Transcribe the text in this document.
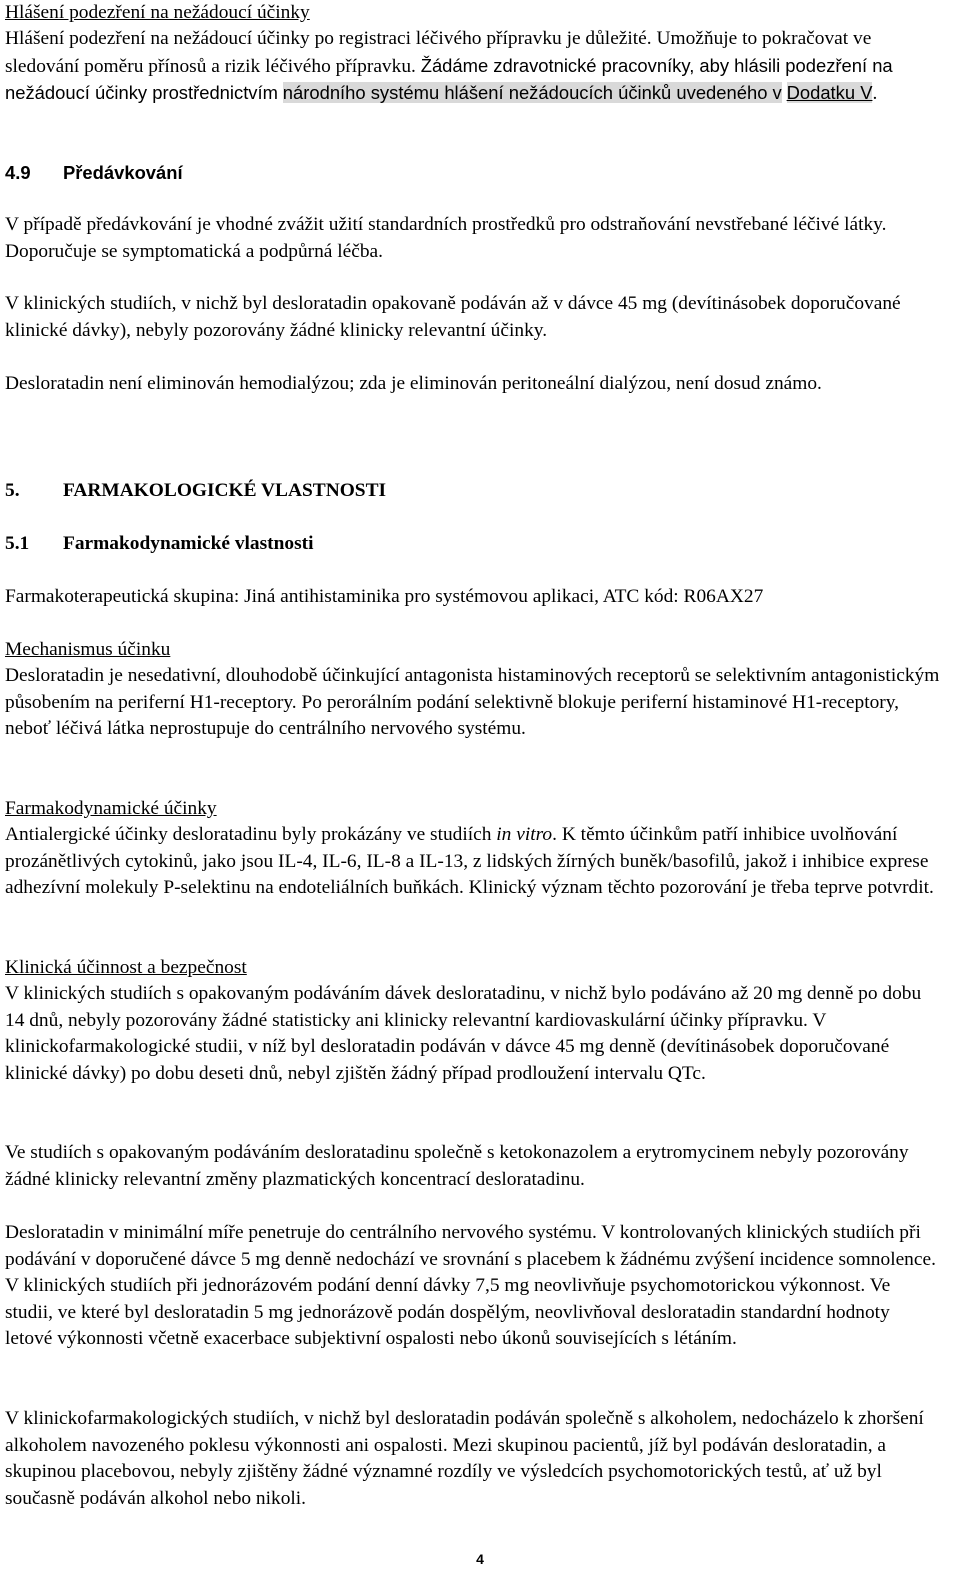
Hlášení podezření na nežádoucí účinky

Hlášení podezření na nežádoucí účinky po registraci léčivého přípravku je důležité. Umožňuje to pokračovat ve sledování poměru přínosů a rizik léčivého přípravku. Žádáme zdravotnické pracovníky, aby hlásili podezření na nežádoucí účinky prostřednictvím národního systému hlášení nežádoucích účinků uvedeného v Dodatku V.

4.9 Předávkování

V případě předávkování je vhodné zvážit užití standardních prostředků pro odstraňování nevstřebané léčivé látky. Doporučuje se symptomatická a podpůrná léčba.

V klinických studiích, v nichž byl desloratadin opakovaně podáván až v dávce 45 mg (devítinásobek doporučované klinické dávky), nebyly pozorovány žádné klinicky relevantní účinky.

Desloratadin není eliminován hemodialýzou; zda je eliminován peritoneální dialýzou, není dosud známo.

5. FARMAKOLOGICKÉ VLASTNOSTI

5.1 Farmakodynamické vlastnosti

Farmakoterapeutická skupina: Jiná antihistaminika pro systémovou aplikaci, ATC kód: R06AX27

Mechanismus účinku

Desloratadin je nesedativní, dlouhodobě účinkující antagonista histaminových receptorů se selektivním antagonistickým působením na periferní H1-receptory. Po perorálním podání selektivně blokuje periferní histaminové H1-receptory, neboť léčivá látka neprostupuje do centrálního nervového systému.

Farmakodynamické účinky

Antialergické účinky desloratadinu byly prokázány ve studiích in vitro. K těmto účinkům patří inhibice uvolňování prozánětlivých cytokinů, jako jsou IL-4, IL-6, IL-8 a IL-13, z lidských žírných buněk/basofilů, jakož i inhibice exprese adhezívní molekuly P-selektinu na endoteliálních buňkách. Klinický význam těchto pozorování je třeba teprve potvrdit.

Klinická účinnost a bezpečnost

V klinických studiích s opakovaným podáváním dávek desloratadinu, v nichž bylo podáváno až 20 mg denně po dobu 14 dnů, nebyly pozorovány žádné statisticky ani klinicky relevantní kardiovaskulární účinky přípravku. V klinickofarmakologické studii, v níž byl desloratadin podáván v dávce 45 mg denně (devítinásobek doporučované klinické dávky) po dobu deseti dnů, nebyl zjištěn žádný případ prodloužení intervalu QTc.

Ve studiích s opakovaným podáváním desloratadinu společně s ketokonazolem a erytromycinem nebyly pozorovány žádné klinicky relevantní změny plazmatických koncentrací desloratadinu.

Desloratadin v minimální míře penetruje do centrálního nervového systému. V kontrolovaných klinických studiích při podávání v doporučené dávce 5 mg denně nedochází ve srovnání s placebem k žádnému zvýšení incidence somnolence. V klinických studiích při jednorázovém podání denní dávky 7,5 mg neovlivňuje psychomotorickou výkonnost. Ve studii, ve které byl desloratadin 5 mg jednorázově podán dospělým, neovlivňoval desloratadin standardní hodnoty letové výkonnosti včetně exacerbace subjektivní ospalosti nebo úkonů souvisejících s létáním.

V klinickofarmakologických studiích, v nichž byl desloratadin podáván společně s alkoholem, nedocházelo k zhoršení alkoholem navozeného poklesu výkonnosti ani ospalosti. Mezi skupinou pacientů, jíž byl podáván desloratadin, a skupinou placebovou, nebyly zjištěny žádné významné rozdíly ve výsledcích psychomotorických testů, ať už byl současně podáván alkohol nebo nikoli.

4
